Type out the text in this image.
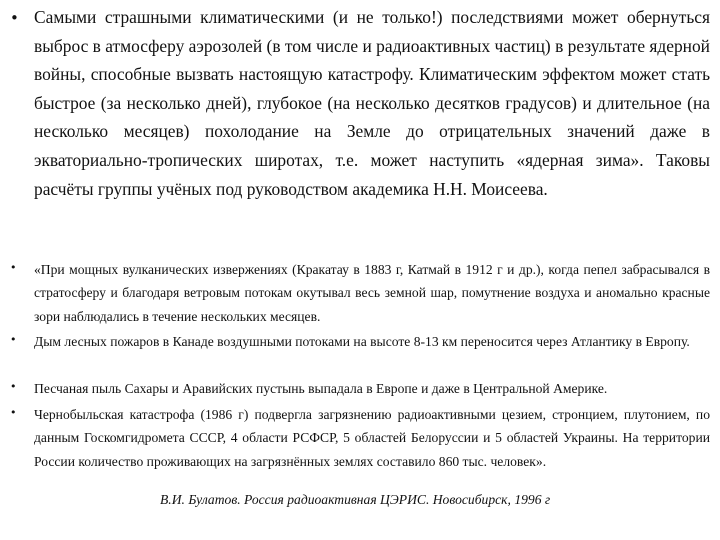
• Самыми страшными климатическими (и не только!) последствиями может обернуться выброс в атмосферу аэрозолей (в том числе и радиоактивных частиц) в результате ядерной войны, способные вызвать настоящую катастрофу. Климатическим эффектом может стать быстрое (за несколько дней), глубокое (на несколько десятков градусов) и длительное (на несколько месяцев) похолодание на Земле до отрицательных значений даже в экваториально-тропических широтах, т.е. может наступить «ядерная зима». Таковы расчёты группы учёных под руководством академика Н.Н. Моисеева.

• «При мощных вулканических извержениях (Кракатау в 1883 г, Катмай в 1912 г и др.), когда пепел забрасывался в стратосферу и благодаря ветровым потокам окутывал весь земной шар, помутнение воздуха и аномально красные зори наблюдались в течение нескольких месяцев.

• Дым лесных пожаров в Канаде воздушными потоками на высоте 8-13 км переносится через Атлантику в Европу.

• Песчаная пыль Сахары и Аравийских пустынь выпадала в Европе и даже в Центральной Америке.

• Чернобыльская катастрофа (1986 г) подвергла загрязнению радиоактивными цезием, стронцием, плутонием, по данным Госкомгидромета СССР, 4 области РСФСР, 5 областей Белоруссии и 5 областей Украины. На территории России количество проживающих на загрязнённых землях составило 860 тыс. человек».

В.И. Булатов. Россия радиоактивная ЦЭРИС. Новосибирск, 1996 г
